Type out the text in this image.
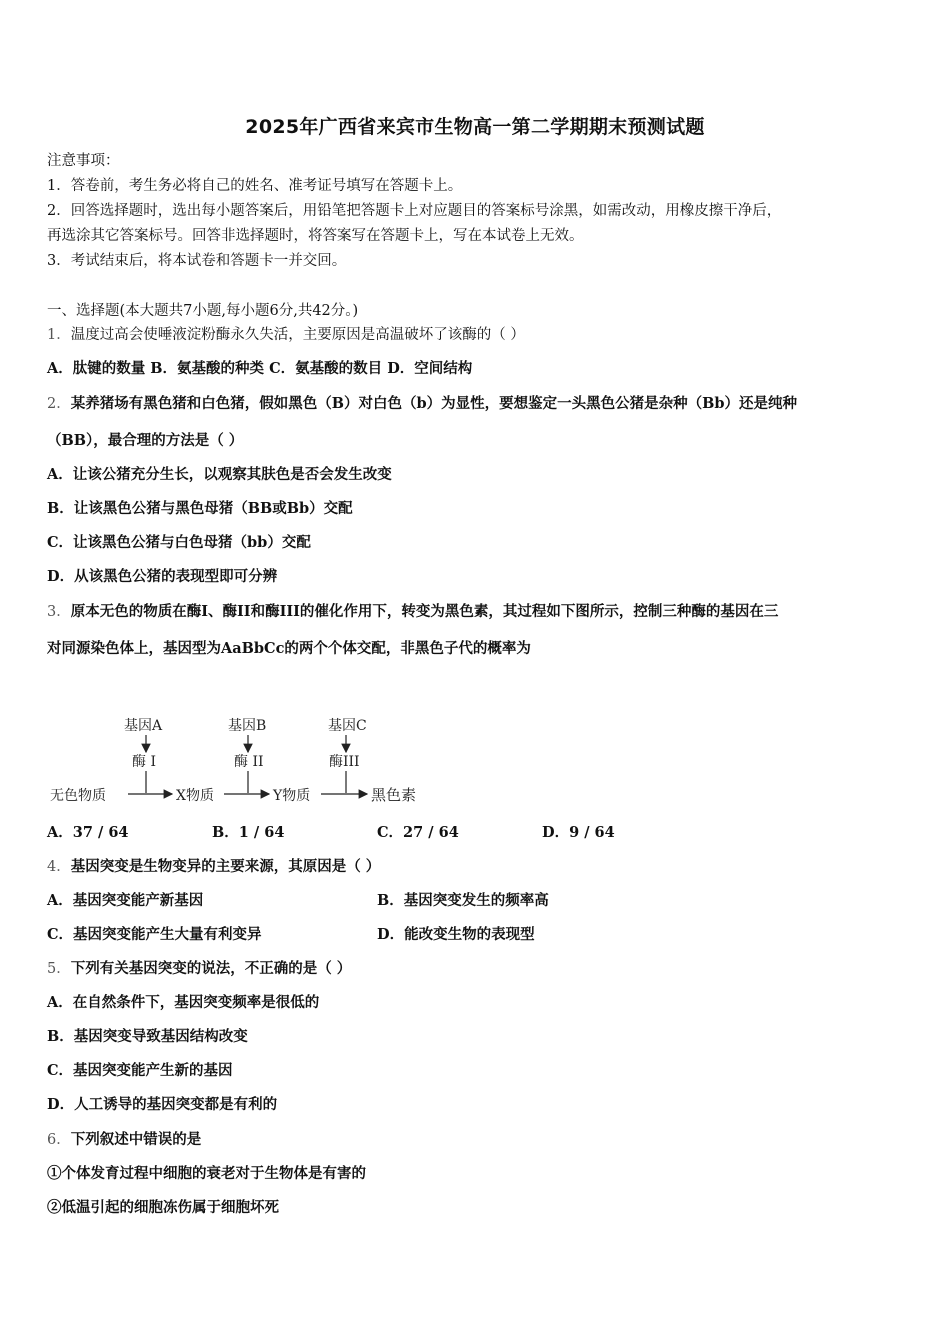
2025年广西省来宾市生物高一第二学期期末预测试题
注意事项：
1．答卷前，考生务必将自己的姓名、准考证号填写在答题卡上。
2．回答选择题时，选出每小题答案后，用铅笔把答题卡上对应题目的答案标号涂黑，如需改动，用橡皮擦干净后，
再选涂其它答案标号。回答非选择题时，将答案写在答题卡上，写在本试卷上无效。
3．考试结束后，将本试卷和答题卡一并交回。
一、选择题(本大题共7小题,每小题6分,共42分。)
1．温度过高会使唾液淀粉酶永久失活，主要原因是高温破坏了该酶的（ ）
A．肽键的数量 B．氨基酸的种类 C．氨基酸的数目 D．空间结构
2．某养猪场有黑色猪和白色猪，假如黑色（B）对白色（b）为显性，要想鉴定一头黑色公猪是杂种（Bb）还是纯种
（BB），最合理的方法是（ ）
A．让该公猪充分生长，以观察其肤色是否会发生改变
B．让该黑色公猪与黑色母猪（BB或Bb）交配
C．让该黑色公猪与白色母猪（bb）交配
D．从该黑色公猪的表现型即可分辨
3．原本无色的物质在酶Ⅰ、酶II和酶III的催化作用下，转变为黑色素，其过程如下图所示，控制三种酶的基因在三
对同源染色体上，基因型为AaBbCc的两个个体交配，非黑色子代的概率为
基因A	基因B	基因C
酶 I	酶 II	酶III
无色物质	X物质	Y物质	黑色素
A．37 / 64	B．1 / 64	C．27 / 64	D．9 / 64
4．基因突变是生物变异的主要来源，其原因是（ ）
A．基因突变能产新基因	B．基因突变发生的频率高
C．基因突变能产生大量有利变异	D．能改变生物的表现型
5．下列有关基因突变的说法，不正确的是（ ）
A．在自然条件下，基因突变频率是很低的
B．基因突变导致基因结构改变
C．基因突变能产生新的基因
D．人工诱导的基因突变都是有利的
6．下列叙述中错误的是
①个体发育过程中细胞的衰老对于生物体是有害的
②低温引起的细胞冻伤属于细胞坏死
